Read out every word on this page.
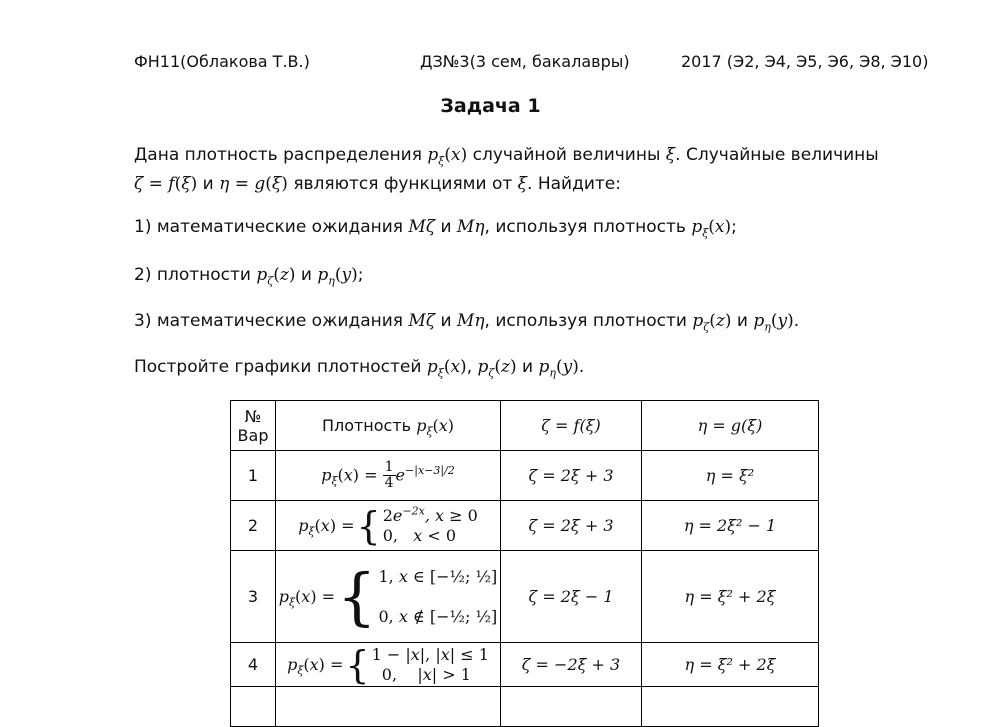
ФН11(Облакова Т.В.)	ДЗ№3(3 сем, бакалавры)	2017 (Э2, Э4, Э5, Э6, Э8, Э10)
Задача 1
Дана плотность распределения $p_\xi(x)$ случайной величины ξ. Случайные величины
ζ = f(ξ) и η = g(ξ) являются функциями от ξ. Найдите:
1) математические ожидания Mζ и Mη, используя плотность $p_\xi(x)$;
2) плотности $p_\zeta(z)$ и $p_\eta(y)$;
3) математические ожидания Mζ и Mη, используя плотности $p_\zeta(z)$ и $p_\eta(y)$.
Постройте графики плотностей $p_\xi(x)$, $p_\zeta(z)$ и $p_\eta(y)$.
№
Вар	Плотность $p_\xi(x)$	ζ = f(ξ)	η = g(ξ)
1	$p_\xi(x) = \frac{1}{4} e^{-|x-3|/2}$	ζ = 2ξ + 3	η = ξ²
2	$p_\xi(x)$ = { $2e^{-2x}$, x ≥ 0
0,   x < 0	ζ = 2ξ + 3	η = 2ξ² − 1
3	$p_\xi(x)$ = { 1, x ∈ [−½; ½]
0, x ∉ [−½; ½]	ζ = 2ξ − 1	η = ξ² + 2ξ
4	$p_\xi(x)$ = { 1 − |x|, |x| ≤ 1
0, |x| > 1	ζ = −2ξ + 3	η = ξ² + 2ξ
